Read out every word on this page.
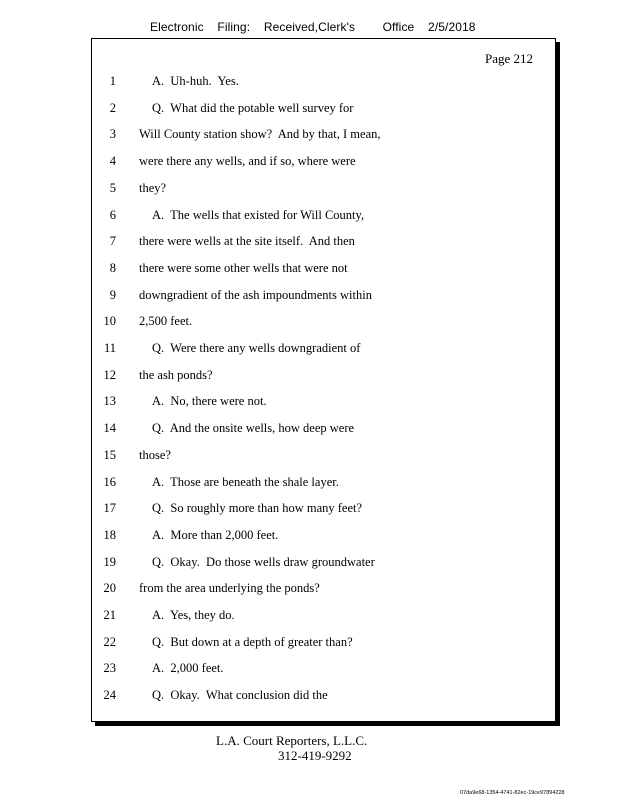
Electronic    Filing:    Received,Clerk's        Office    2/5/2018
Page 212
1	A.  Uh-huh.  Yes.
2	Q.  What did the potable well survey for
3 Will County station show?  And by that, I mean,
4 were there any wells, and if so, where were
5 they?
6	A.  The wells that existed for Will County,
7 there were wells at the site itself.  And then
8 there were some other wells that were not
9 downgradient of the ash impoundments within
10 2,500 feet.
11	Q.  Were there any wells downgradient of
12 the ash ponds?
13	A.  No, there were not.
14	Q.  And the onsite wells, how deep were
15 those?
16	A.  Those are beneath the shale layer.
17	Q.  So roughly more than how many feet?
18	A.  More than 2,000 feet.
19	Q.  Okay.  Do those wells draw groundwater
20 from the area underlying the ponds?
21	A.  Yes, they do.
22	Q.  But down at a depth of greater than?
23	A.  2,000 feet.
24	Q.  Okay.  What conclusion did the
L.A. Court Reporters, L.L.C.
312-419-9292
07da9e68-1354-4741-82ec-19ce97894228
